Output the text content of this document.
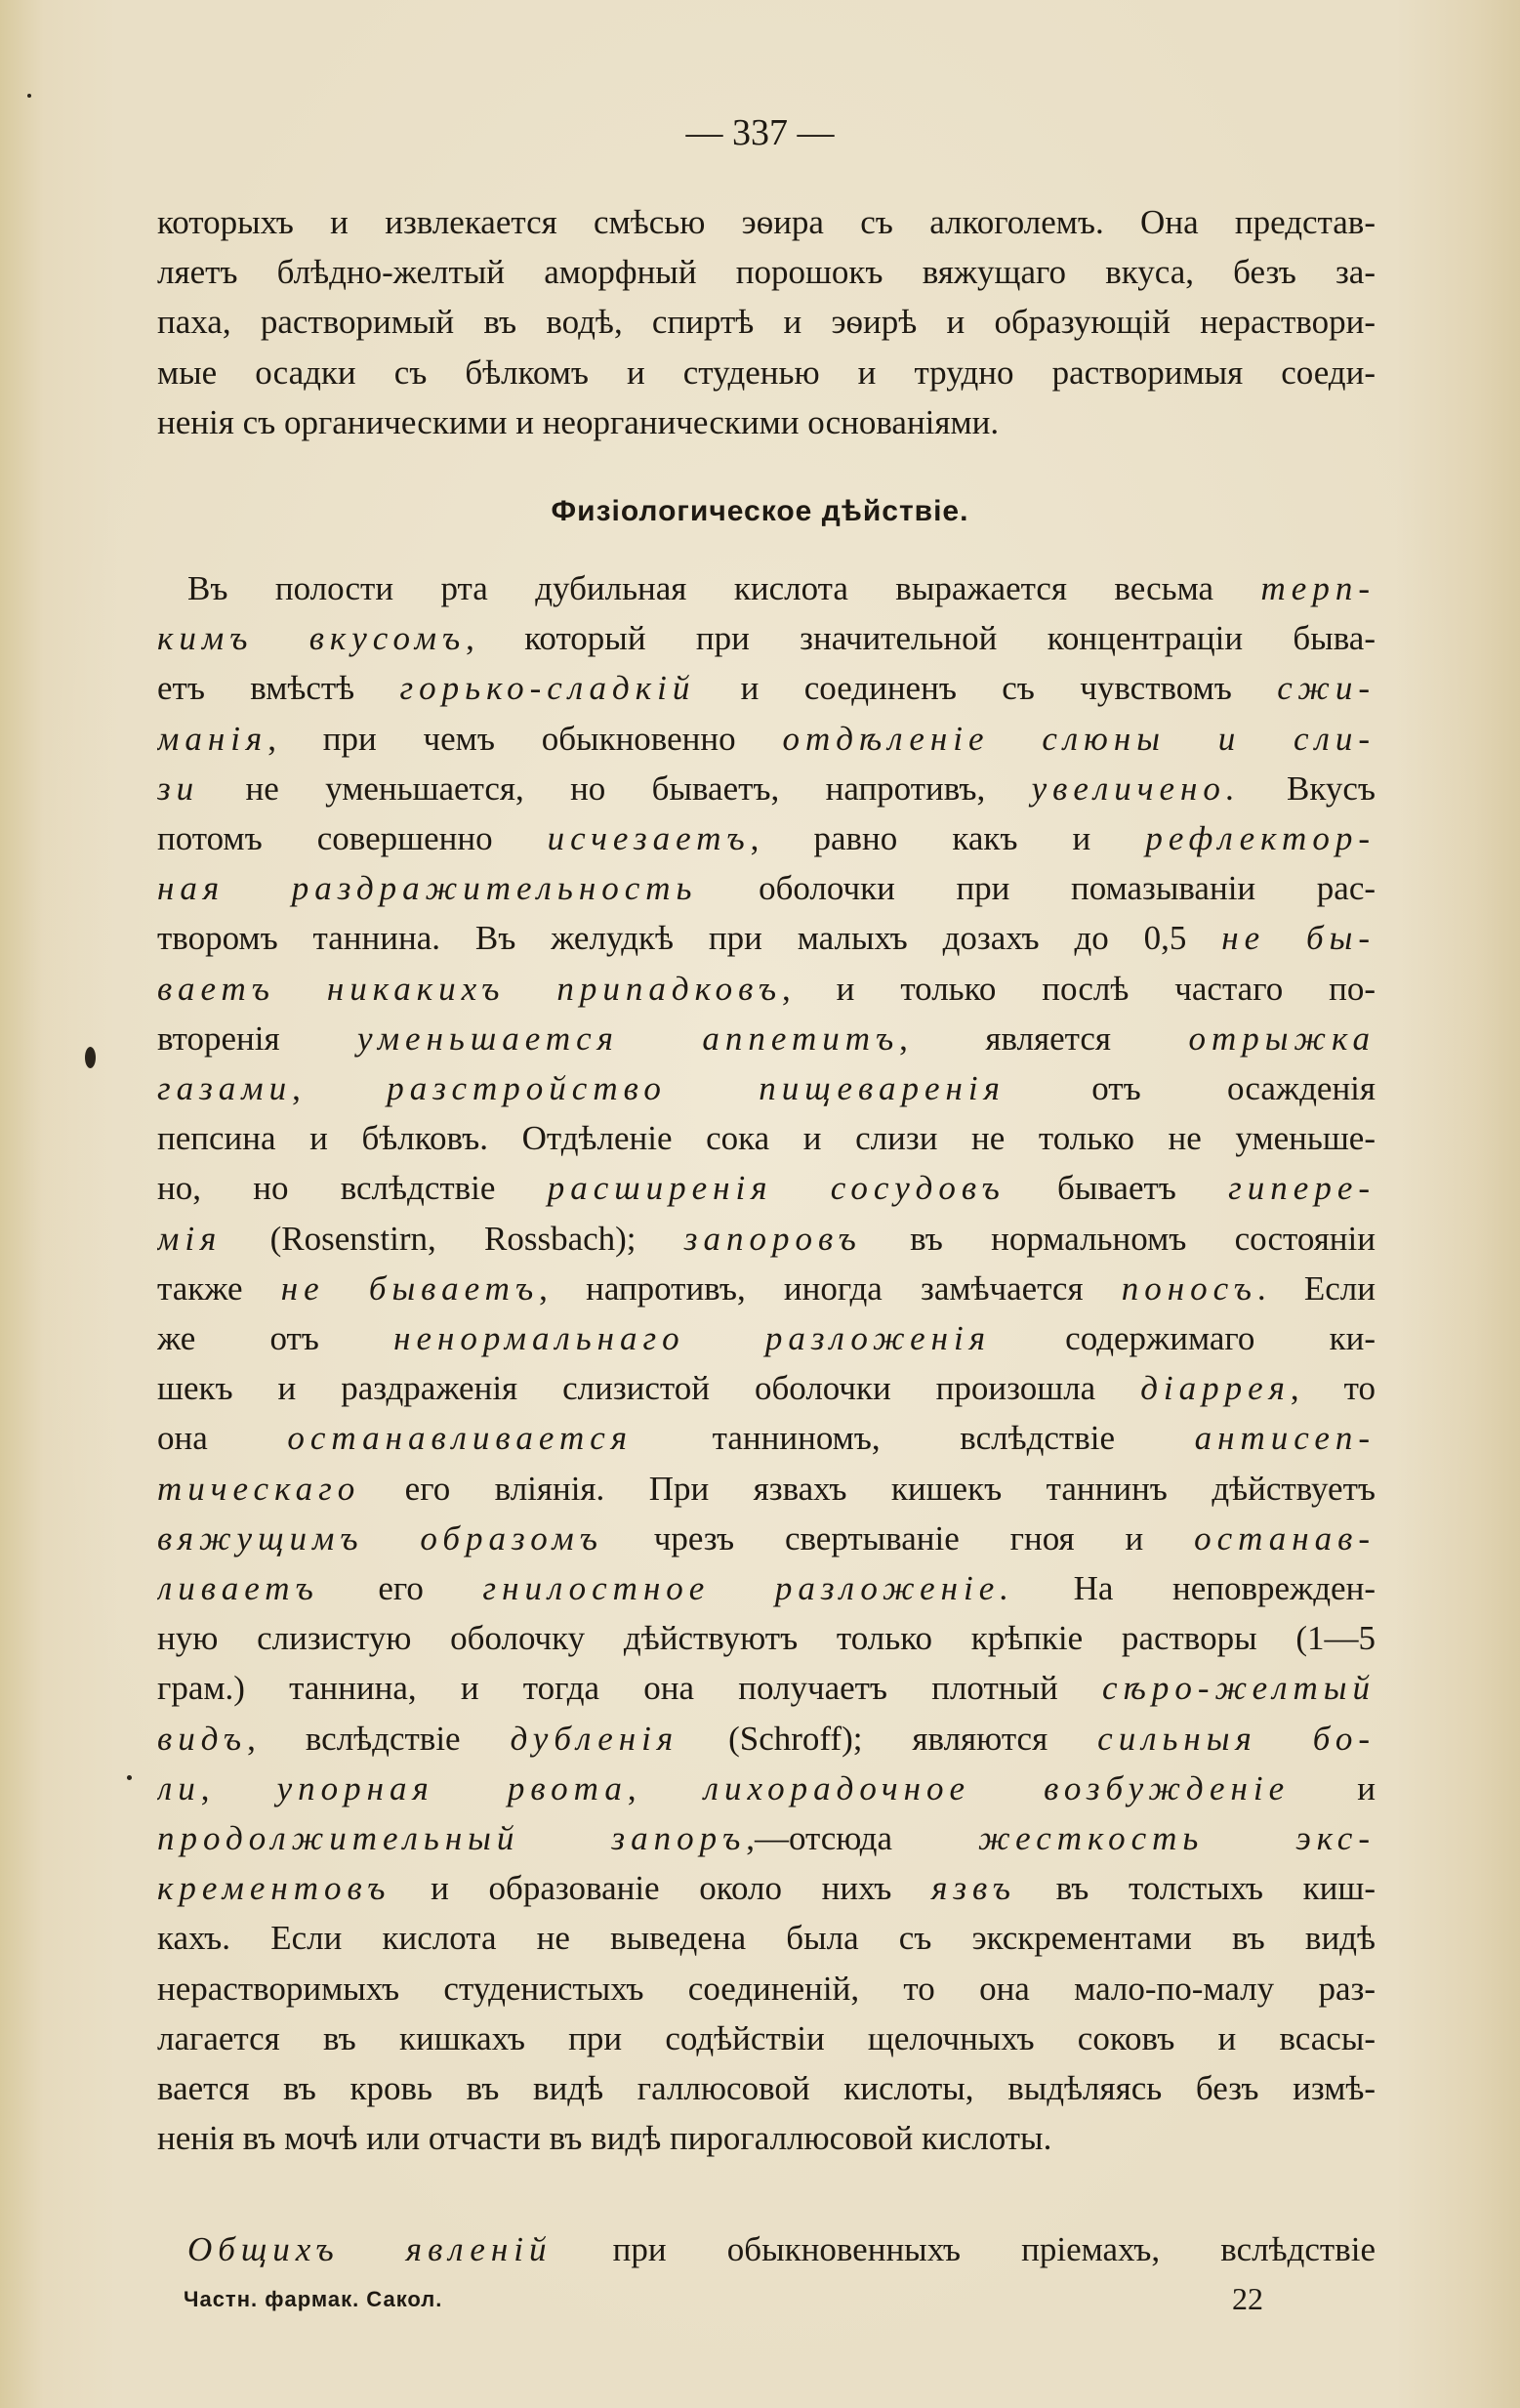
— 337 —
которыхъ и извлекается смѣсью эѳира съ алкоголемъ. Она представ-
ляетъ блѣдно-желтый аморфный порошокъ вяжущаго вкуса, безъ за-
паха, растворимый въ водѣ, спиртѣ и эѳирѣ и образующій нераствори-
мые осадки съ бѣлкомъ и студенью и трудно растворимыя соеди-
ненія съ органическими и неорганическими основаніями.
Физіологическое дѣйствіе.
Въ полости рта дубильная кислота выражается весьма терп-
кимъ вкусомъ, который при значительной концентраціи быва-
етъ вмѣстѣ горько-сладкій и соединенъ съ чувствомъ сжи-
манія, при чемъ обыкновенно отдѣленіе слюны и сли-
зи не уменьшается, но бываетъ, напротивъ, увеличено. Вкусъ
потомъ совершенно исчезаетъ, равно какъ и рефлектор-
ная раздражительность оболочки при помазываніи рас-
творомъ таннина. Въ желудкѣ при малыхъ дозахъ до 0,5 не бы-
ваетъ никакихъ припадковъ, и только послѣ частаго по-
вторенія уменьшается аппетитъ, является отрыжка
газами, разстройство пищеваренія отъ осажденія
пепсина и бѣлковъ. Отдѣленіе сока и слизи не только не уменьше-
но, но вслѣдствіе расширенія сосудовъ бываетъ гипере-
мія (Rosenstirn, Rossbach); запоровъ въ нормальномъ состояніи
также не бываетъ, напротивъ, иногда замѣчается поносъ. Если
же отъ ненормальнаго разложенія содержимаго ки-
шекъ и раздраженія слизистой оболочки произошла діаррея, то
она останавливается танниномъ, вслѣдствіе антисеп-
тическаго его вліянія. При язвахъ кишекъ таннинъ дѣйствуетъ
вяжущимъ образомъ чрезъ свертываніе гноя и останав-
ливаетъ его гнилостное разложеніе. На неповрежден-
ную слизистую оболочку дѣйствуютъ только крѣпкіе растворы (1—5
грам.) таннина, и тогда она получаетъ плотный сѣро-желтый
видъ, вслѣдствіе дубленія (Schroff); являются сильныя бо-
ли, упорная рвота, лихорадочное возбужденіе и
продолжительный запоръ,—отсюда жесткость экс-
крементовъ и образованіе около нихъ язвъ въ толстыхъ киш-
кахъ. Если кислота не выведена была съ экскрементами въ видѣ
нерастворимыхъ студенистыхъ соединеній, то она мало-по-малу раз-
лагается въ кишкахъ при содѣйствіи щелочныхъ соковъ и всасы-
вается въ кровь въ видѣ галлюсовой кислоты, выдѣляясь безъ измѣ-
ненія въ мочѣ или отчасти въ видѣ пирогаллюсовой кислоты.
Общихъ явленій при обыкновенныхъ пріемахъ, вслѣдствіе
Частн. фармак. Сакол.	22
